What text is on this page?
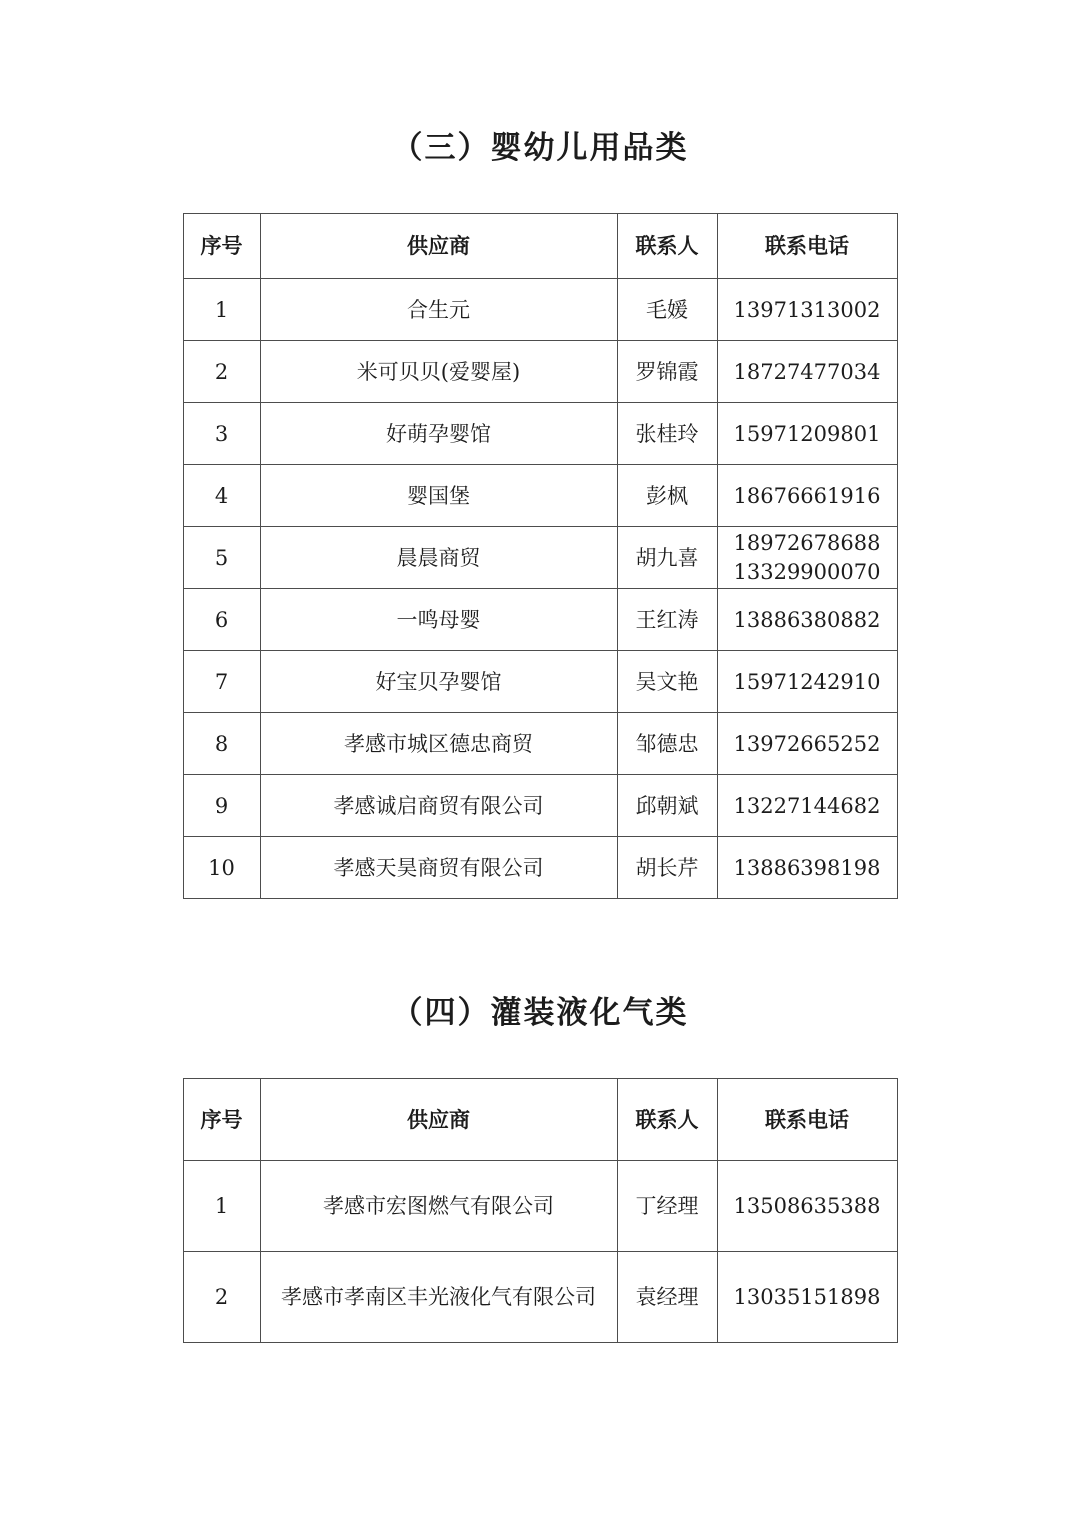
（三）婴幼儿用品类
序号	供应商	联系人	联系电话
1	合生元	毛媛	13971313002

2	米可贝贝(爱婴屋)	罗锦霞	18727477034

3	好萌孕婴馆	张桂玲	15971209801

4	婴国堡	彭枫	18676661916

5	晨晨商贸	胡九喜	18972678688
13329900070

6	一鸣母婴	王红涛	13886380882

7	好宝贝孕婴馆	吴文艳	15971242910

8	孝感市城区德忠商贸	邹德忠	13972665252

9	孝感诚启商贸有限公司	邱朝斌	13227144682

10	孝感天昊商贸有限公司	胡长芹	13886398198
（四）灌装液化气类
序号	供应商	联系人	联系电话
1	孝感市宏图燃气有限公司	丁经理	13508635388

2	孝感市孝南区丰光液化气有限公司	袁经理	13035151898
